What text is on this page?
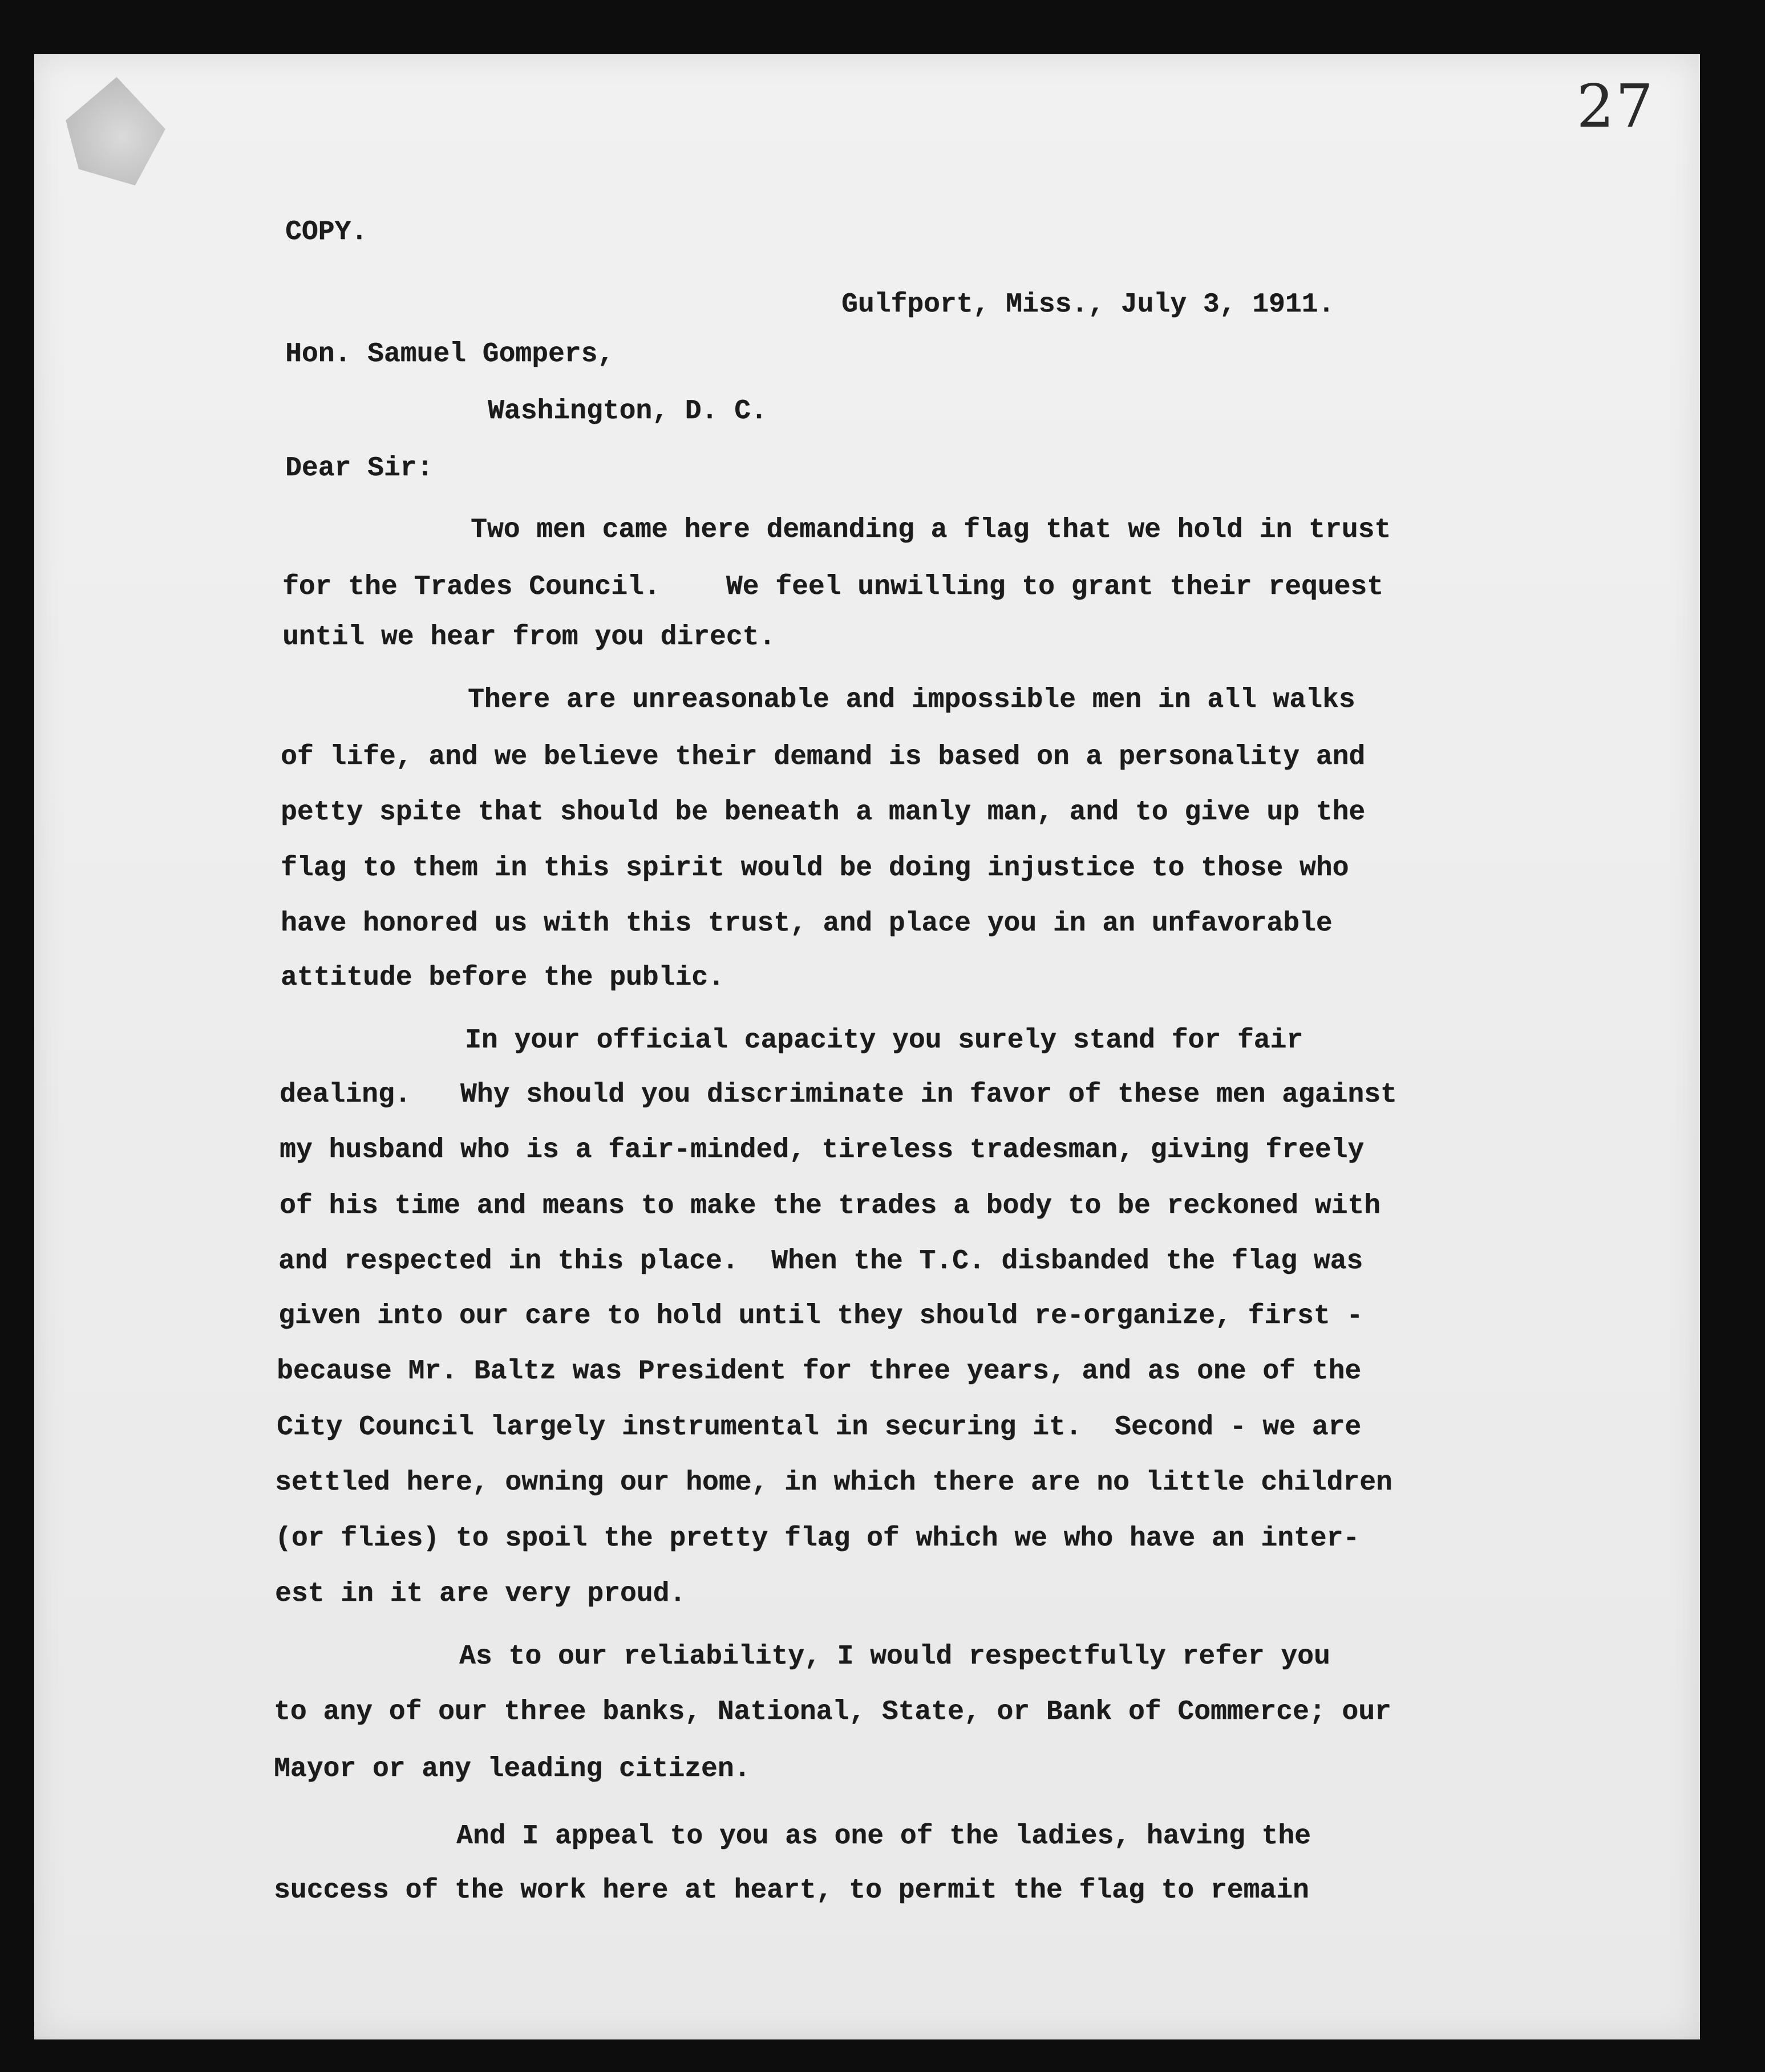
27
COPY.
Gulfport, Miss., July 3, 1911.
Hon. Samuel Gompers,
Washington, D. C.
Dear Sir:
Two men came here demanding a flag that we hold in trust
for the Trades Council.    We feel unwilling to grant their request
until we hear from you direct.
There are unreasonable and impossible men in all walks
of life, and we believe their demand is based on a personality and
petty spite that should be beneath a manly man, and to give up the
flag to them in this spirit would be doing injustice to those who
have honored us with this trust, and place you in an unfavorable
attitude before the public.
In your official capacity you surely stand for fair
dealing.   Why should you discriminate in favor of these men against
my husband who is a fair-minded, tireless tradesman, giving freely
of his time and means to make the trades a body to be reckoned with
and respected in this place.  When the T.C. disbanded the flag was
given into our care to hold until they should re-organize, first -
because Mr. Baltz was President for three years, and as one of the
City Council largely instrumental in securing it.  Second - we are
settled here, owning our home, in which there are no little children
(or flies) to spoil the pretty flag of which we who have an inter-
est in it are very proud.
As to our reliability, I would respectfully refer you
to any of our three banks, National, State, or Bank of Commerce; our
Mayor or any leading citizen.
And I appeal to you as one of the ladies, having the
success of the work here at heart, to permit the flag to remain
